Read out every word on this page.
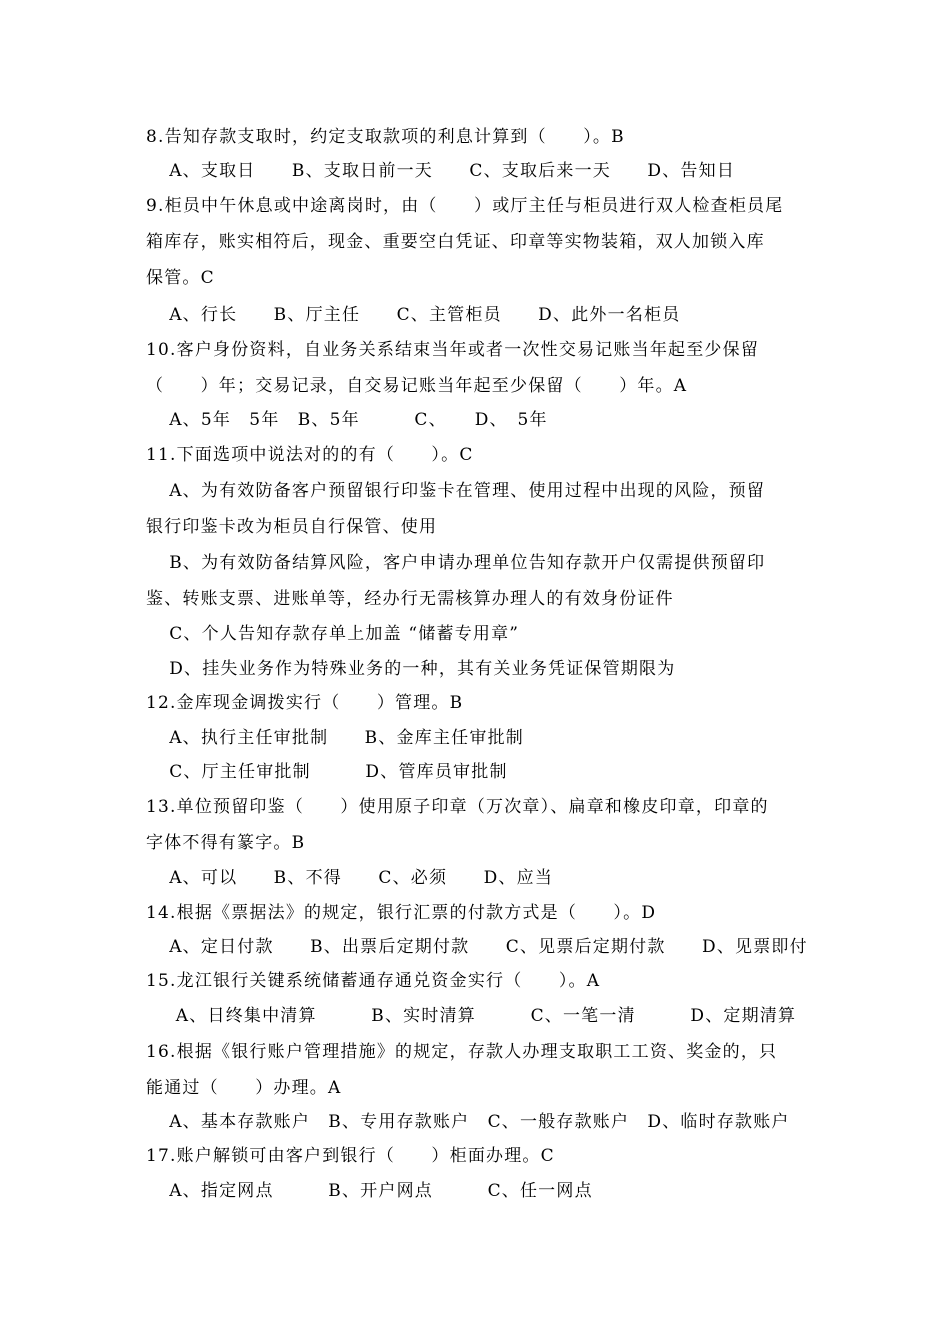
8.告知存款支取时，约定支取款项的利息计算到（　　）。B
A、支取日　　B、支取日前一天　　C、支取后来一天　　D、告知日
9.柜员中午休息或中途离岗时，由（　　）或厅主任与柜员进行双人检查柜员尾
箱库存，账实相符后，现金、重要空白凭证、印章等实物装箱，双人加锁入库
保管。C
A、行长　　B、厅主任　　C、主管柜员　　D、此外一名柜员
10.客户身份资料，自业务关系结束当年或者一次性交易记账当年起至少保留
（　　）年；交易记录，自交易记账当年起至少保留（　　）年。A
A、5年　5年　B、5年　　　C、　　D、　5年
11.下面选项中说法对的的有（　　）。C
A、为有效防备客户预留银行印鉴卡在管理、使用过程中出现的风险，预留
银行印鉴卡改为柜员自行保管、使用
B、为有效防备结算风险，客户申请办理单位告知存款开户仅需提供预留印
鉴、转账支票、进账单等，经办行无需核算办理人的有效身份证件
C、个人告知存款存单上加盖 “储蓄专用章”
D、挂失业务作为特殊业务的一种，其有关业务凭证保管期限为
12.金库现金调拨实行（　　）管理。B
A、执行主任审批制　　B、金库主任审批制
C、厅主任审批制　　　D、管库员审批制
13.单位预留印鉴（　　）使用原子印章（万次章）、扁章和橡皮印章，印章的
字体不得有篆字。B
A、可以　　B、不得　　C、必须　　D、应当
14.根据《票据法》的规定，银行汇票的付款方式是（　　）。D
A、定日付款　　B、出票后定期付款　　C、见票后定期付款　　D、见票即付
15.龙江银行关键系统储蓄通存通兑资金实行（　　）。A
A、日终集中清算　　　B、实时清算　　　C、一笔一清　　　D、定期清算
16.根据《银行账户管理措施》的规定，存款人办理支取职工工资、奖金的，只
能通过（　　）办理。A
A、基本存款账户　B、专用存款账户　C、一般存款账户　D、临时存款账户
17.账户解锁可由客户到银行（　　）柜面办理。C
A、指定网点　　　B、开户网点　　　C、任一网点
